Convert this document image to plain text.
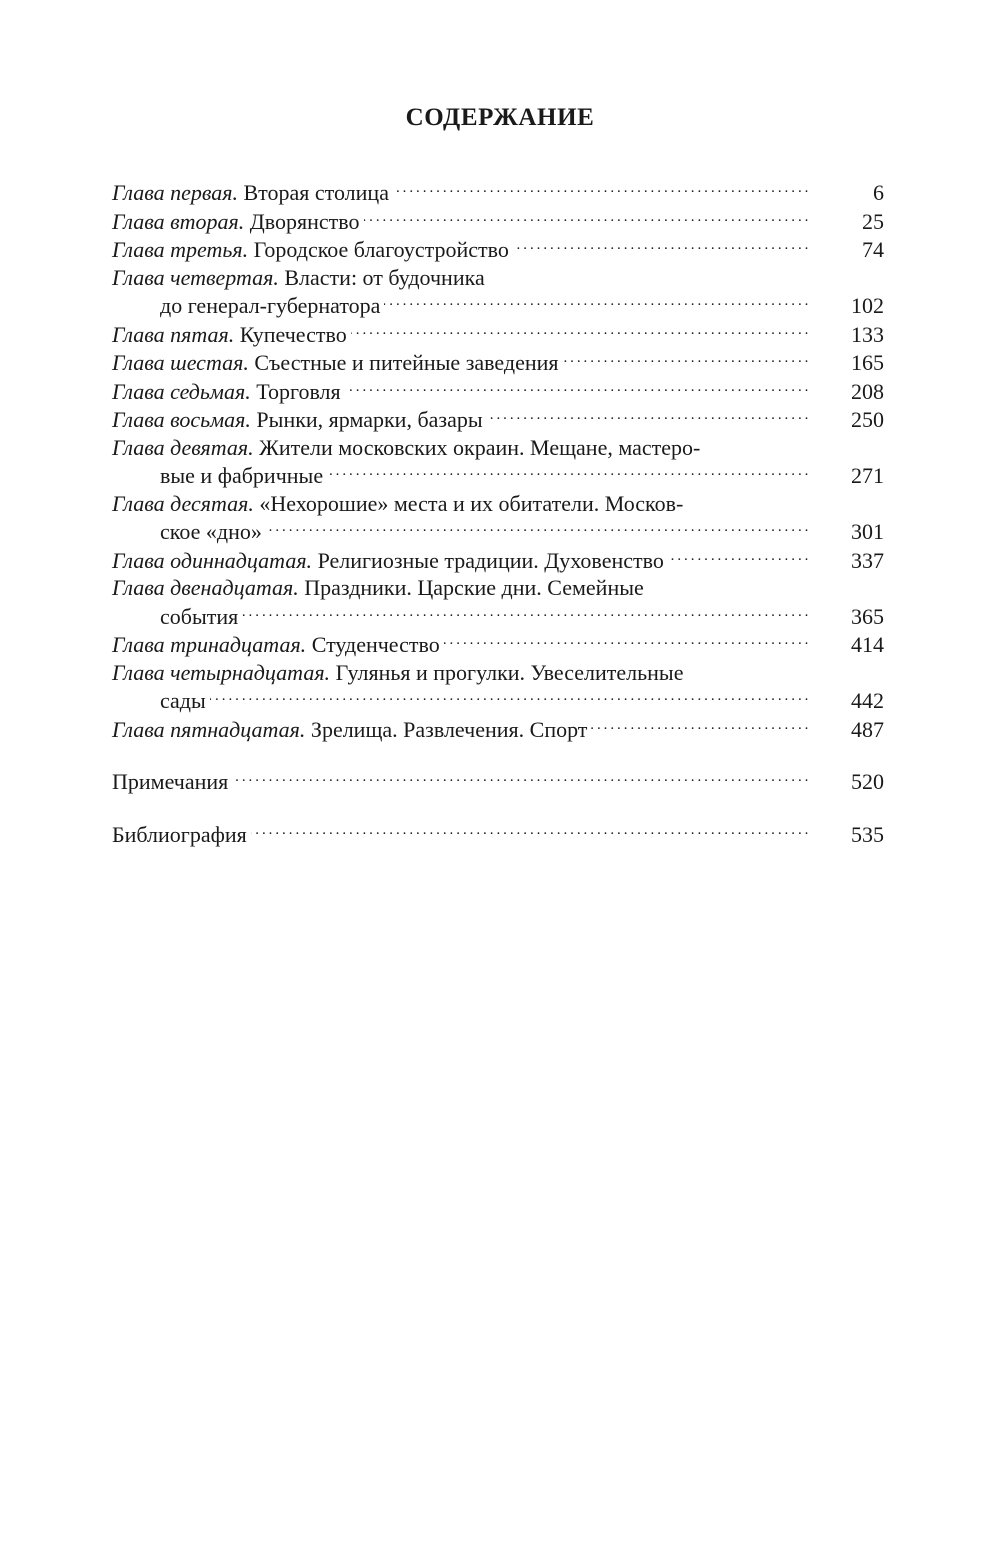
СОДЕРЖАНИЕ
Глава первая. Вторая столица . . .	6
Глава вторая. Дворянство . . .	25
Глава третья. Городское благоустройство . . .	74
Глава четвертая. Власти: от будочника
до генерал-губернатора . . .	102
Глава пятая. Купечество . . .	133
Глава шестая. Съестные и питейные заведения . . .	165
Глава седьмая. Торговля . . .	208
Глава восьмая. Рынки, ярмарки, базары . . .	250
Глава девятая. Жители московских окраин. Мещане, мастеро-
вые и фабричные . . .	271
Глава десятая. «Нехорошие» места и их обитатели. Москов-
ское «дно» . . .	301
Глава одиннадцатая. Религиозные традиции. Духовенство . . .	337
Глава двенадцатая. Праздники. Царские дни. Семейные
события . . .	365
Глава тринадцатая. Студенчество . . .	414
Глава четырнадцатая. Гулянья и прогулки. Увеселительные
сады . . .	442
Глава пятнадцатая. Зрелища. Развлечения. Спорт . . .	487
Примечания . . .	520
Библиография . . .	535
